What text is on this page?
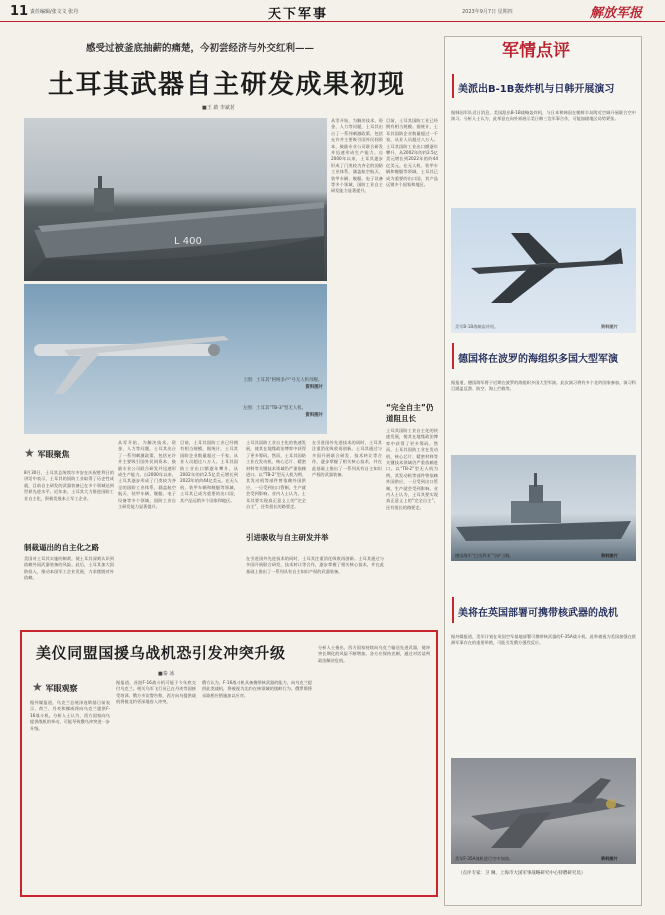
11 责任编辑/张文文 张丹	天下军事	2023年9月7日 星期四	解放军报
感受过被釜底抽薪的痛楚，今初尝经济与外交红利——
土耳其武器自主研发成果初现
■王 啟 李斌茗
L 400
上图：土耳其“阿纳多卢”号无人机母舰。
资料图片
左图：土耳其“TB-3”型无人机。
资料图片
从零开始，为解决技术、资金、人力等问题，土耳其出台了一系列刺激政策，包括允许并主要吸引国外民间资本，鼓励专业公司联合研发并迅速形成生产能力。自2000年以来，土耳其逐步形成了门类较为齐全的国防工业体系，涵盖航空航天、装甲车辆、舰艇、电子设备等多个领域，国防工业自主研发能力显著提升。
目前，土耳其国防工业已经拥有相当规模。据统计，土耳其国防企业数量超过一千家，从业人员超过八万人。土耳其国防工业出口额逐年攀升，从2002年的约2.5亿美元增长到2022年的约44亿美元。在无人机、装甲车辆和舰艇等领域，土耳其已成为重要的出口国，其产品远销多个国家和地区。
“完全自主”仍道阻且长
土耳其国防工业自主化的快速发展，使其在地缘政治博弈中获得了更多筹码。然而，土耳其国防工业在发动机、核心芯片、精密材料等关键技术领域仍严重依赖进口。以“TB-2”型无人机为例，其发动机等部件曾依赖外国供应，一旦受到出口管制，生产就会受到影响。业内人士认为，土耳其要实现真正意义上的“完全自主”，还有很长的路要走。
从零开始，为解决技术、资金、人力等问题，土耳其出台了一系列刺激政策，包括允许并主要吸引国外民间资本，鼓励专业公司联合研发并迅速形成生产能力。自2000年以来，土耳其逐步形成了门类较为齐全的国防工业体系，涵盖航空航天、装甲车辆、舰艇、电子设备等多个领域，国防工业自主研发能力显著提升。
目前，土耳其国防工业已经拥有相当规模。据统计，土耳其国防企业数量超过一千家，从业人员超过八万人。土耳其国防工业出口额逐年攀升，从2002年的约2.5亿美元增长到2022年的约44亿美元。在无人机、装甲车辆和舰艇等领域，土耳其已成为重要的出口国，其产品远销多个国家和地区。
土耳其国防工业自主化的快速发展，使其在地缘政治博弈中获得了更多筹码。然而，土耳其国防工业在发动机、核心芯片、精密材料等关键技术领域仍严重依赖进口。以“TB-2”型无人机为例，其发动机等部件曾依赖外国供应，一旦受到出口管制，生产就会受到影响。业内人士认为，土耳其要实现真正意义上的“完全自主”，还有很长的路要走。
引进吸收与自主研发并举
在引进国外先进技术的同时，土耳其注重消化吸收再创新。土耳其通过与多国开展联合研发、技术转让等合作，逐步掌握了相关核心技术，并在此基础上推出了一系列具有自主知识产权的武器装备。
在引进国外先进技术的同时，土耳其注重消化吸收再创新。土耳其通过与多国开展联合研发、技术转让等合作，逐步掌握了相关核心技术，并在此基础上推出了一系列具有自主知识产权的武器装备。
★ 军眼聚焦
8月30日，土耳其总统埃尔多安在庆祝胜利日的讲话中表示，土耳其的国防工业取得了历史性成就，目前自主研发的武器装备已在多个领域达到世界先进水平。近年来，土耳其大力推进国防工业自主化，积极发展本土军工企业。
制裁逼出的自主化之路
美国对土耳其实施的制裁，使土耳其深刻认识到依赖外国武器装备的风险。此后，土耳其加大国防投入，推动本国军工企业发展，力求摆脱对外依赖。
美仪同盟国援乌战机恐引发冲突升级
■秦 冰
★ 军眼观察
据外媒报道，乌克兰总统泽连斯基日前表示，荷兰、丹麦和挪威将向乌克兰提供F-16战斗机。分析人士认为，西方国家向乌提供战机的举动，可能导致俄乌冲突进一步升级。
据报道，首批F-16战斗机可能于今年底交付乌克兰。相关乌军飞行员已在丹麦等国接受培训。俄方多次警告称，西方向乌提供战机将使北约更深地卷入冲突。
俄方认为，F-16战斗机具备携带核武器的能力，向乌克兰提供此类战机，将被视为北约在核领域的挑衅行为。俄罗斯将采取相应措施加以应对。
分析人士指出，西方国家持续向乌克兰输送先进武器，使冲突长期化的风险不断增加。各方应保持克制，通过对话谈判政治解决危机。
军情点评
美派出B-1B轰炸机与日韩开展演习
据韩国军队近日消息，美国派出B-1B战略轰炸机，与日本和韩国在朝鲜半岛附近空域开展联合空中演习。分析人士认为，此举意在向外界展示美日韩三边军事合作，可能加剧地区局势紧张。
美军B-1B战略轰炸机。	资料图片
德国将在波罗的海组织多国大型军演
据报道，德国海军将于近期在波罗的海组织多国大型军演。此次演习将有多个北约国家参加，演习科目涵盖反潜、防空、海上拦截等。
德国海军“巴伐利亚”号护卫舰。	资料图片
美将在英国部署可携带核武器的战机
据外媒报道，美军计划在英国空军基地部署可携带核武器的F-35A战斗机。此举被视为美国加强在欧洲军事存在的重要举措，可能引发俄方强烈反应。
美军F-35A战机进行空中加油。	资料图片
（点评专家：卫 琳，上海市大国军事战略研究中心特聘研究员）
